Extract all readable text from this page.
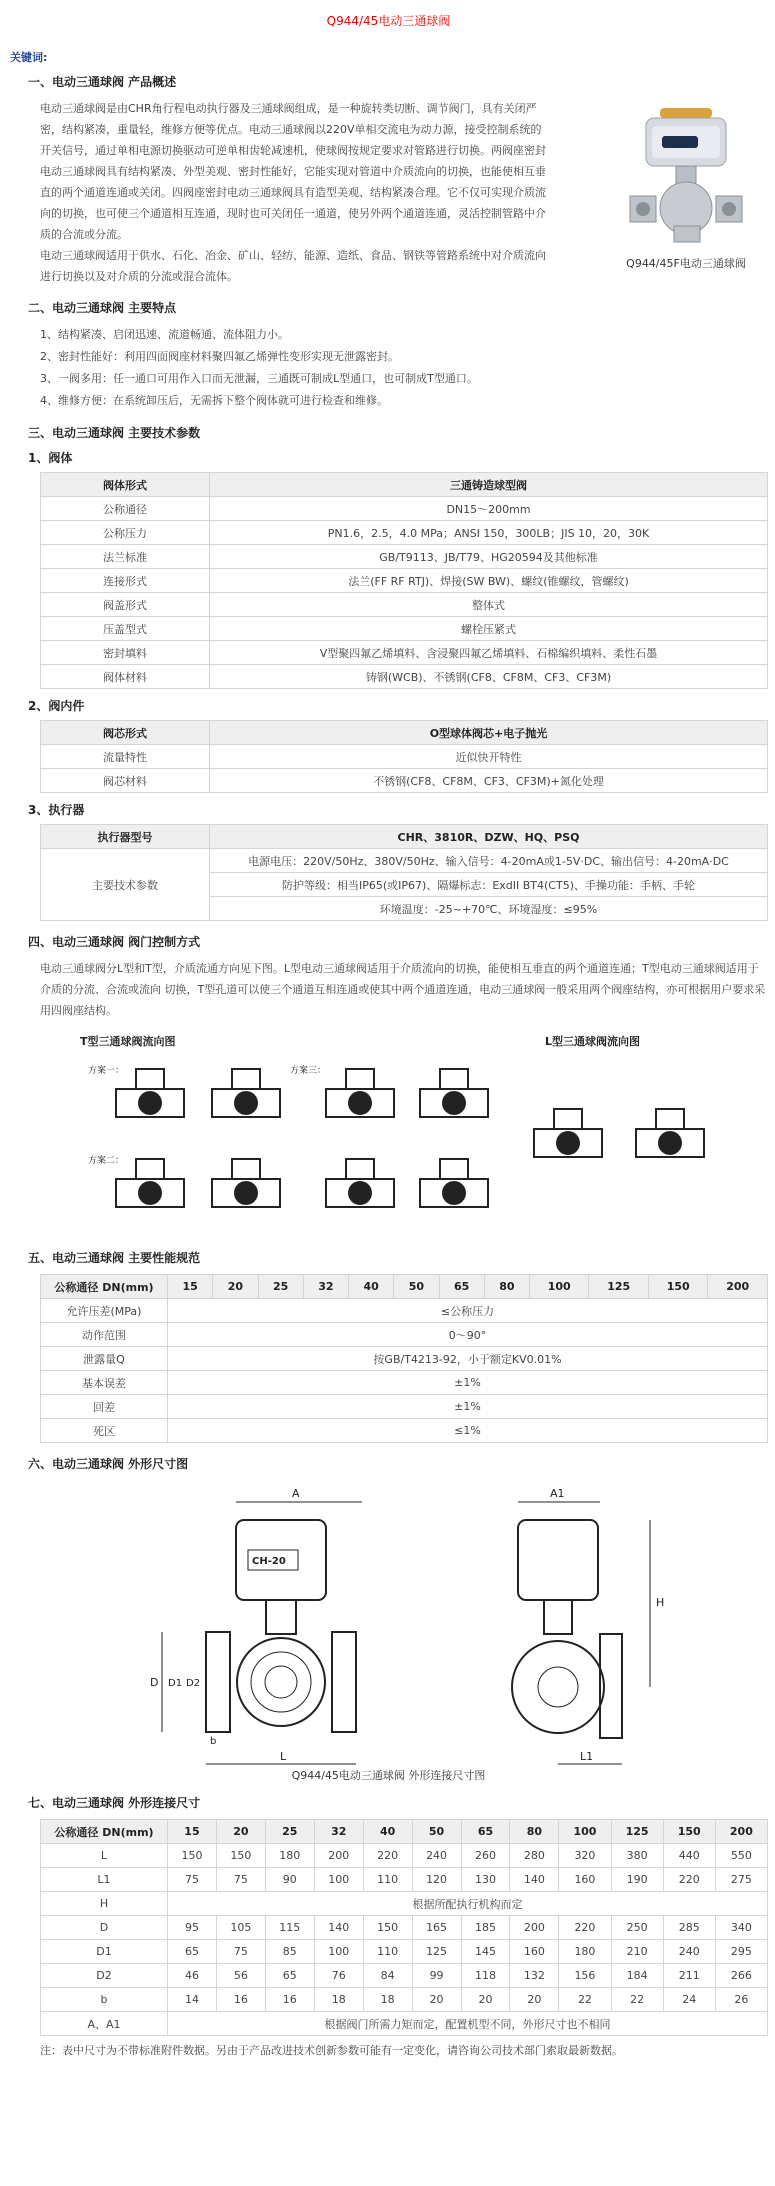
Q944/45电动三通球阀
关键词:
一、电动三通球阀 产品概述
电动三通球阀是由CHR角行程电动执行器及三通球阀组成，是一种旋转类切断、调节阀门，具有关闭严密，结构紧凑，重量轻，维修方便等优点。电动三通球阀以220V单相交流电为动力源，接受控制系统的开关信号，通过单相电源切换驱动可逆单相齿轮减速机，使球阀按规定要求对管路进行切换。两阀座密封电动三通球阀具有结构紧凑、外型美观、密封性能好，它能实现对管道中介质流向的切换，也能使相互垂直的两个通道连通或关闭。四阀座密封电动三通球阀具有造型美观、结构紧凑合理。它不仅可实现介质流向的切换，也可使三个通道相互连通，现时也可关闭任一通道，使另外两个通道连通，灵活控制管路中介质的合流或分流。
电动三通球阀适用于供水、石化、冶金、矿山、轻纺、能源、造纸、食品、钢铁等管路系统中对介质流向进行切换以及对介质的分流或混合流体。
Q944/45F电动三通球阀
二、电动三通球阀 主要特点
1、结构紧凑、启闭迅速、流道畅通、流体阻力小。
2、密封性能好：利用四面阀座材料聚四氟乙烯弹性变形实现无泄露密封。
3、一阀多用：任一通口可用作入口而无泄漏，三通既可制成L型通口，也可制成T型通口。
4、维修方便：在系统卸压后，无需拆下整个阀体就可进行检查和维修。
三、电动三通球阀 主要技术参数
1、阀体
阀体形式	三通铸造球型阀
公称通径	DN15～200mm
公称压力	PN1.6，2.5，4.0 MPa；ANSI 150，300LB；JIS 10，20，30K
法兰标准	GB/T9113、JB/T79、HG20594及其他标准
连接形式	法兰(FF RF RTJ)、焊接(SW BW)、螺纹(锥螺纹，管螺纹)
阀盖形式	整体式
压盖型式	螺栓压紧式
密封填料	V型聚四氟乙烯填料、含浸聚四氟乙烯填料、石棉编织填料、柔性石墨
阀体材料	铸钢(WCB)、不锈钢(CF8、CF8M、CF3、CF3M)
2、阀内件
阀芯形式	O型球体阀芯+电子抛光
流量特性	近似快开特性
阀芯材料	不锈钢(CF8、CF8M、CF3、CF3M)+氮化处理
3、执行器
执行器型号	CHR、3810R、DZW、HQ、PSQ
主要技术参数	电源电压：220V/50Hz、380V/50Hz、输入信号：4-20mA或1-5V·DC、输出信号：4-20mA·DC
	防护等级：相当IP65(或IP67)、隔爆标志：ExdII BT4(CT5)、手操功能：手柄、手轮
	环境温度：-25~+70℃、环境湿度：≤95%
四、电动三通球阀 阀门控制方式
电动三通球阀分L型和T型，介质流通方向见下图。L型电动三通球阀适用于介质流向的切换，能使相互垂直的两个通道连通；T型电动三通球阀适用于介质的分流、合流或流向 切换，T型孔道可以使三个通道互相连通或使其中两个通道连通，电动三通球阀一般采用两个阀座结构，亦可根据用户要求采用四阀座结构。
T型三通球阀流向图	L型三通球阀流向图
方案一：	方案三：
方案二：
五、电动三通球阀 主要性能规范
公称通径 DN(mm)	15	20	25	32	40	50	65	80	100	125	150	200
允许压差(MPa)	≤公称压力											
动作范围	0～90°											
泄露量Q	按GB/T4213-92，小于额定KV0.01%											
基本误差	±1%											
回差	±1%											
死区	≤1%											
六、电动三通球阀 外形尺寸图
A
CH-20
L
D D1 D2
b
A1
H
L1
Q944/45电动三通球阀 外形连接尺寸图
七、电动三通球阀 外形连接尺寸
公称通径 DN(mm)	15	20	25	32	40	50	65	80	100	125	150	200
L	150	150	180	200	220	240	260	280	320	380	440	550
L1	75	75	90	100	110	120	130	140	160	190	220	275
H	根据所配执行机构而定											
D	95	105	115	140	150	165	185	200	220	250	285	340
D1	65	75	85	100	110	125	145	160	180	210	240	295
D2	46	56	65	76	84	99	118	132	156	184	211	266
b	14	16	16	18	18	20	20	20	22	22	24	26
A、A1	根据阀门所需力矩而定，配置机型不同，外形尺寸也不相同											
注：表中尺寸为不带标准附件数据。另由于产品改进技术创新参数可能有一定变化，请咨询公司技术部门索取最新数据。
